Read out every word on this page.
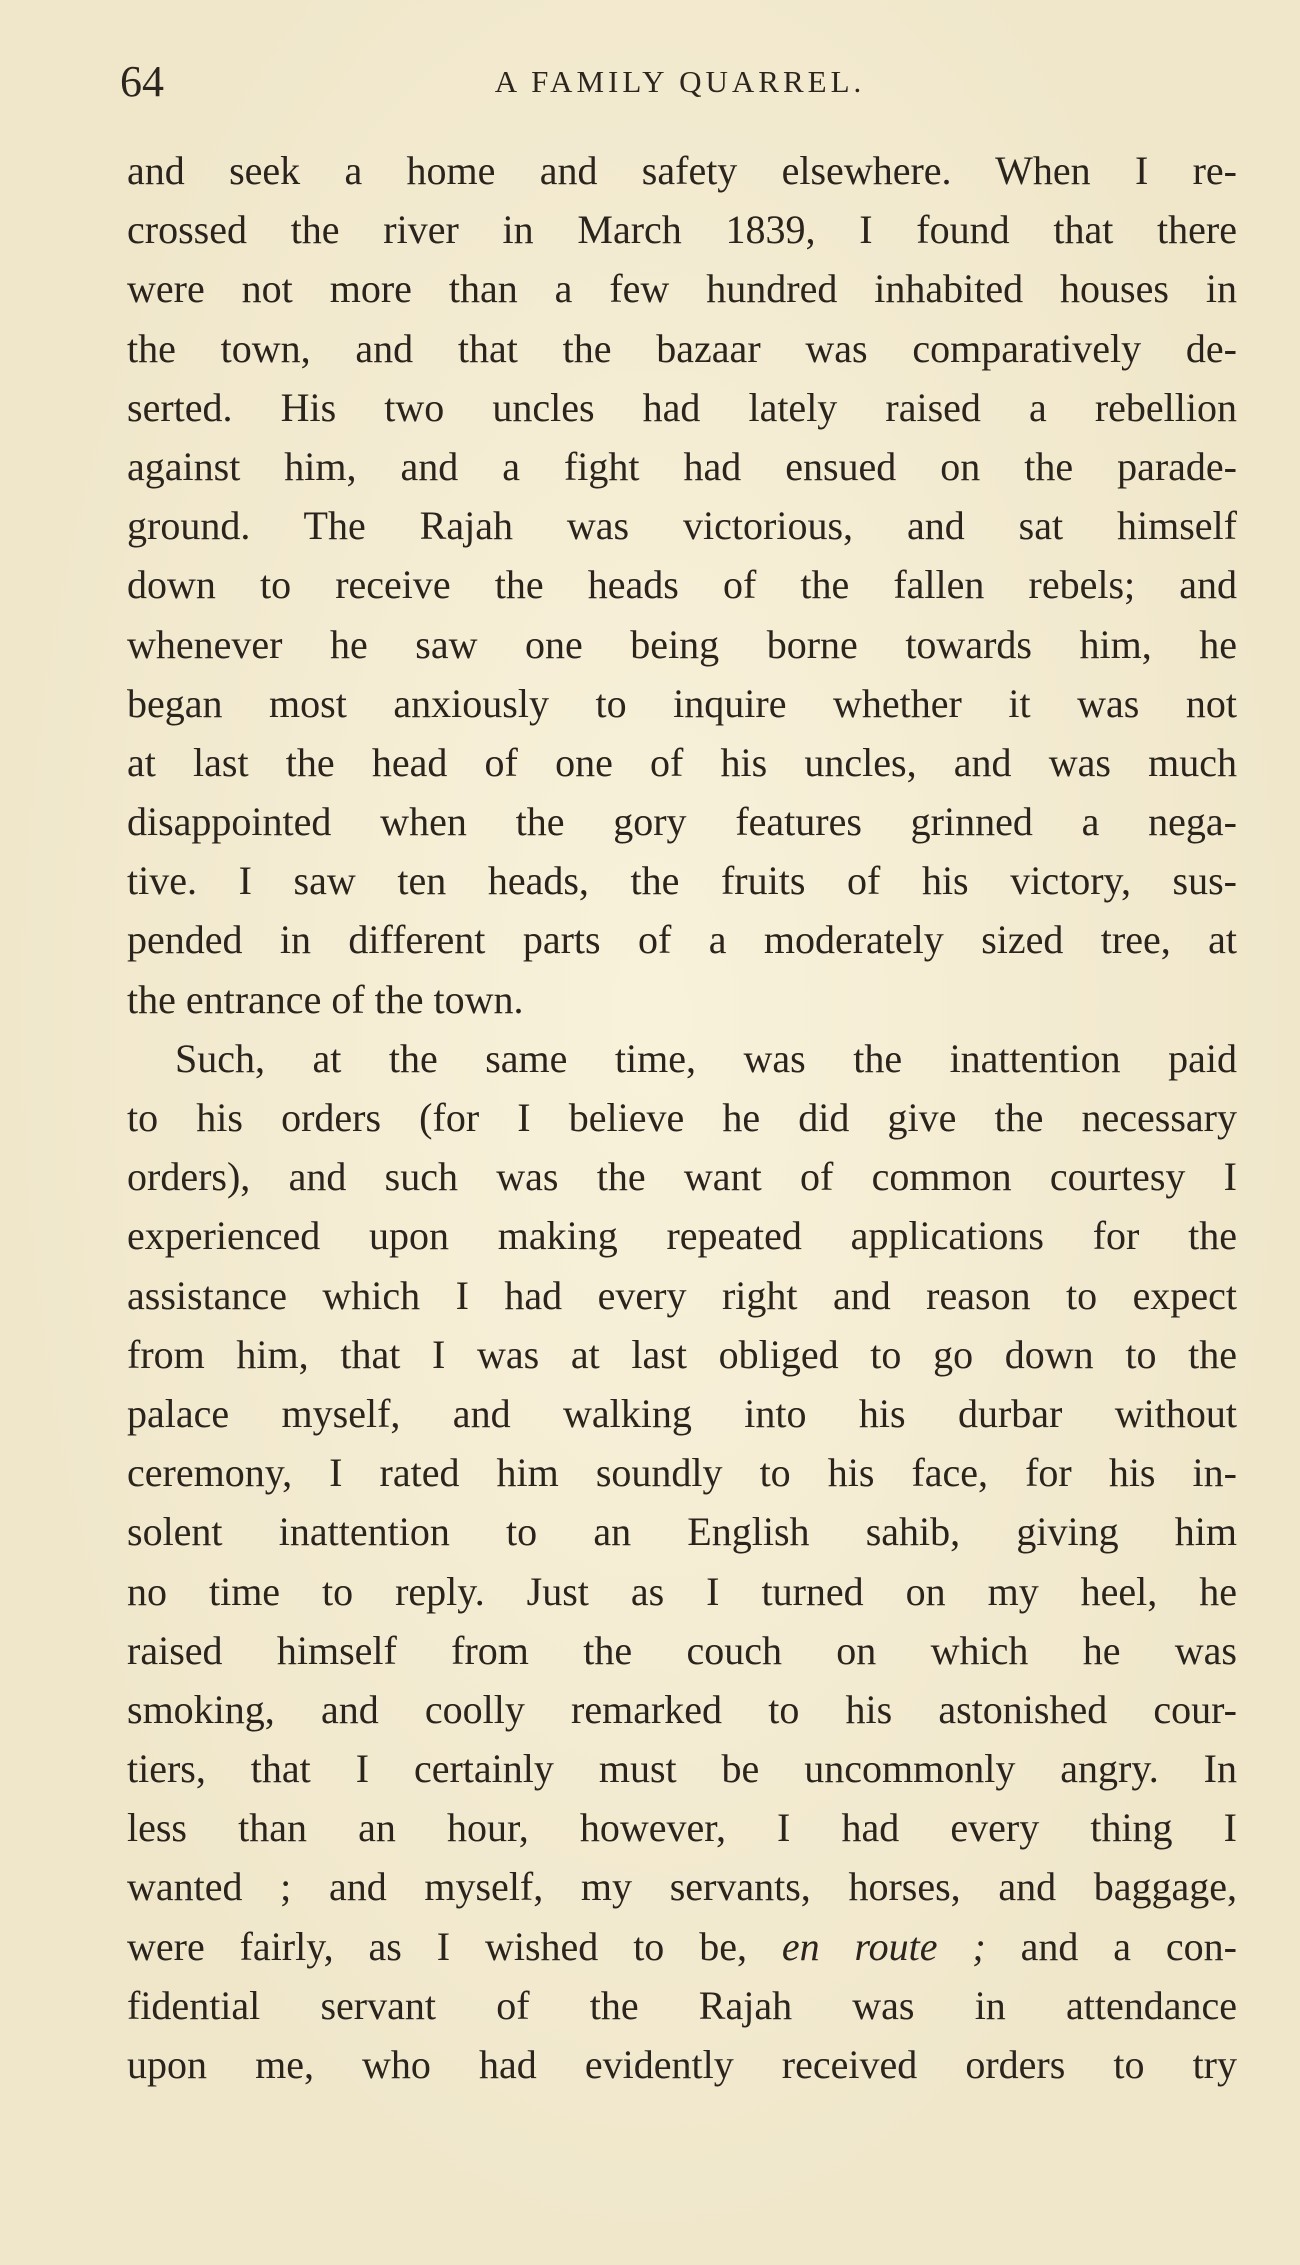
64	A FAMILY QUARREL.
and seek a home and safety elsewhere. When I re-
crossed the river in March 1839, I found that there
were not more than a few hundred inhabited houses in
the town, and that the bazaar was comparatively de-
serted. His two uncles had lately raised a rebellion
against him, and a fight had ensued on the parade-
ground. The Rajah was victorious, and sat himself
down to receive the heads of the fallen rebels; and
whenever he saw one being borne towards him, he
began most anxiously to inquire whether it was not
at last the head of one of his uncles, and was much
disappointed when the gory features grinned a nega-
tive. I saw ten heads, the fruits of his victory, sus-
pended in different parts of a moderately sized tree, at
the entrance of the town.
Such, at the same time, was the inattention paid
to his orders (for I believe he did give the necessary
orders), and such was the want of common courtesy I
experienced upon making repeated applications for the
assistance which I had every right and reason to expect
from him, that I was at last obliged to go down to the
palace myself, and walking into his durbar without
ceremony, I rated him soundly to his face, for his in-
solent inattention to an English sahib, giving him
no time to reply. Just as I turned on my heel, he
raised himself from the couch on which he was
smoking, and coolly remarked to his astonished cour-
tiers, that I certainly must be uncommonly angry. In
less than an hour, however, I had every thing I
wanted ; and myself, my servants, horses, and baggage,
were fairly, as I wished to be, en route ; and a con-
fidential servant of the Rajah was in attendance
upon me, who had evidently received orders to try
